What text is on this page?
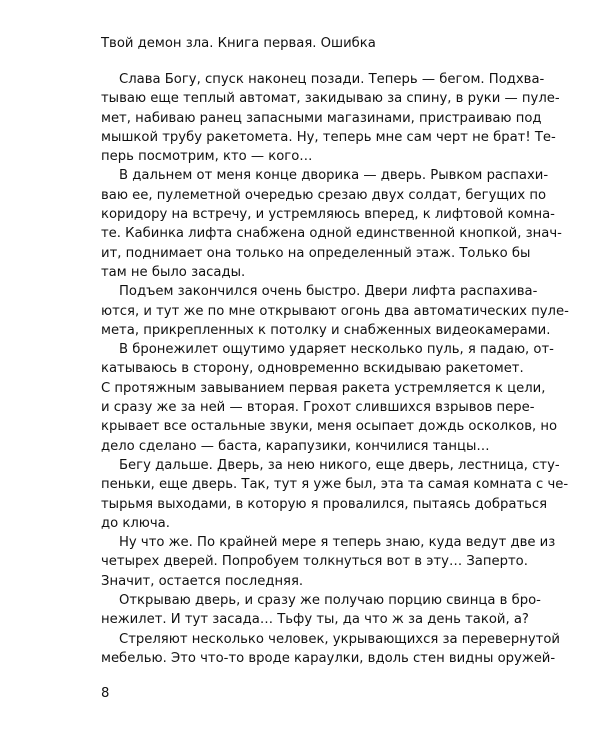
Твой демон зла. Книга первая. Ошибка
Слава Богу, спуск наконец позади. Теперь — бегом. Подхва-
тываю еще теплый автомат, закидываю за спину, в руки — пуле-
мет, набиваю ранец запасными магазинами, пристраиваю под
мышкой трубу ракетомета. Ну, теперь мне сам черт не брат! Те-
перь посмотрим, кто — кого…
В дальнем от меня конце дворика — дверь. Рывком распахи-
ваю ее, пулеметной очередью срезаю двух солдат, бегущих по
коридору на встречу, и устремляюсь вперед, к лифтовой комна-
те. Кабинка лифта снабжена одной единственной кнопкой, знач-
ит, поднимает она только на определенный этаж. Только бы
там не было засады.
Подъем закончился очень быстро. Двери лифта распахива-
ются, и тут же по мне открывают огонь два автоматических пуле-
мета, прикрепленных к потолку и снабженных видеокамерами.
В бронежилет ощутимо ударяет несколько пуль, я падаю, от-
катываюсь в сторону, одновременно вскидываю ракетомет.
С протяжным завыванием первая ракета устремляется к цели,
и сразу же за ней — вторая. Грохот слившихся взрывов пере-
крывает все остальные звуки, меня осыпает дождь осколков, но
дело сделано — баста, карапузики, кончилися танцы…
Бегу дальше. Дверь, за нею никого, еще дверь, лестница, сту-
пеньки, еще дверь. Так, тут я уже был, эта та самая комната с че-
тырьмя выходами, в которую я провалился, пытаясь добраться
до ключа.
Ну что же. По крайней мере я теперь знаю, куда ведут две из
четырех дверей. Попробуем толкнуться вот в эту… Заперто.
Значит, остается последняя.
Открываю дверь, и сразу же получаю порцию свинца в бро-
нежилет. И тут засада… Тьфу ты, да что ж за день такой, а?
Стреляют несколько человек, укрывающихся за перевернутой
мебелью. Это что-то вроде караулки, вдоль стен видны оружей-
8
